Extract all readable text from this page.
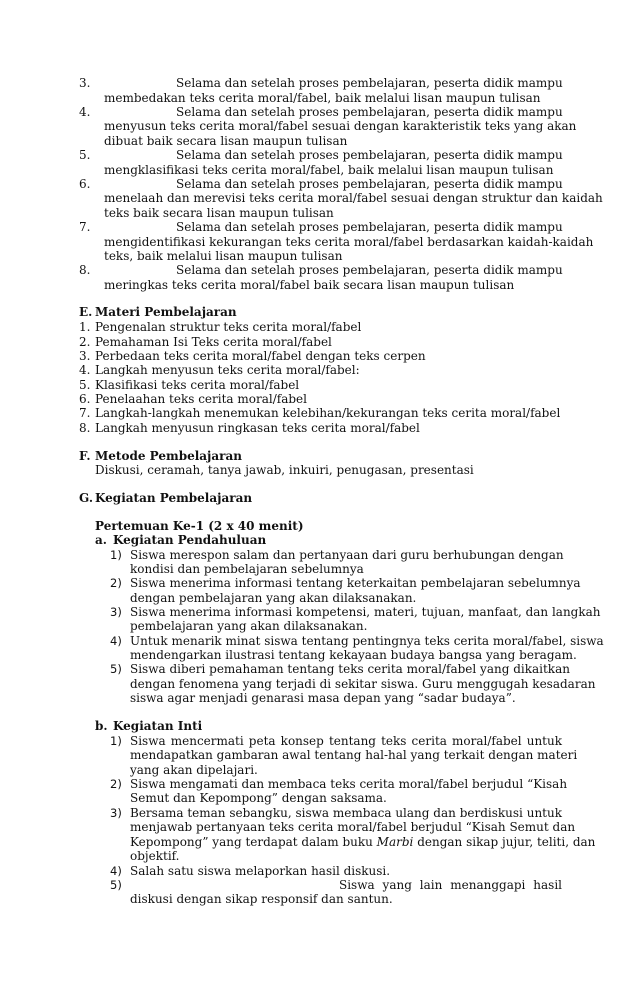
3.	Selama dan setelah proses pembelajaran, peserta didik mampu
membedakan teks cerita moral/fabel, baik melalui lisan maupun tulisan
4.	Selama dan setelah proses pembelajaran, peserta didik mampu
menyusun teks cerita moral/fabel sesuai dengan karakteristik teks yang akan
dibuat baik secara lisan maupun tulisan
5.	Selama dan setelah proses pembelajaran, peserta didik mampu
mengklasifikasi teks cerita moral/fabel, baik melalui lisan maupun tulisan
6.	Selama dan setelah proses pembelajaran, peserta didik mampu
menelaah dan merevisi teks cerita moral/fabel sesuai dengan struktur dan kaidah
teks baik secara lisan maupun tulisan
7.	Selama dan setelah proses pembelajaran, peserta didik mampu
mengidentifikasi kekurangan teks cerita moral/fabel berdasarkan kaidah-kaidah
teks, baik melalui lisan maupun tulisan
8.	Selama dan setelah proses pembelajaran, peserta didik mampu
meringkas teks cerita moral/fabel baik secara lisan maupun tulisan
E. Materi Pembelajaran
1. Pengenalan struktur teks cerita moral/fabel
2. Pemahaman Isi Teks cerita moral/fabel
3. Perbedaan teks cerita moral/fabel dengan teks cerpen
4. Langkah menyusun teks cerita moral/fabel:
5. Klasifikasi teks cerita moral/fabel
6. Penelaahan teks cerita moral/fabel
7. Langkah-langkah menemukan kelebihan/kekurangan teks cerita moral/fabel
8. Langkah menyusun ringkasan teks cerita moral/fabel
F. Metode Pembelajaran
Diskusi, ceramah, tanya jawab, inkuiri, penugasan, presentasi
G. Kegiatan Pembelajaran
Pertemuan Ke-1 (2 x 40 menit)
a. Kegiatan Pendahuluan
1) Siswa merespon salam dan pertanyaan dari guru berhubungan dengan
kondisi dan pembelajaran sebelumnya
2) Siswa menerima informasi tentang keterkaitan pembelajaran sebelumnya
dengan pembelajaran yang akan dilaksanakan.
3) Siswa menerima informasi kompetensi, materi, tujuan, manfaat, dan langkah
pembelajaran yang akan dilaksanakan.
4) Untuk menarik minat siswa tentang pentingnya teks cerita moral/fabel, siswa
mendengarkan ilustrasi tentang kekayaan budaya bangsa yang beragam.
5) Siswa diberi pemahaman tentang teks cerita moral/fabel yang dikaitkan
dengan fenomena yang terjadi di sekitar siswa. Guru menggugah kesadaran
siswa agar menjadi genarasi masa depan yang “sadar budaya”.
b. Kegiatan Inti
1) Siswa mencermati peta konsep tentang teks cerita moral/fabel untuk
mendapatkan gambaran awal tentang hal-hal yang terkait dengan materi
yang akan dipelajari.
2) Siswa mengamati dan membaca teks cerita moral/fabel berjudul “Kisah
Semut dan Kepompong” dengan saksama.
3) Bersama teman sebangku, siswa membaca ulang dan berdiskusi untuk
menjawab pertanyaan teks cerita moral/fabel berjudul “Kisah Semut dan
Kepompong” yang terdapat dalam buku Marbi dengan sikap jujur, teliti, dan
objektif.
4) Salah satu siswa melaporkan hasil diskusi.
5)	Siswa yang lain menanggapi hasil
diskusi dengan sikap responsif dan santun.
